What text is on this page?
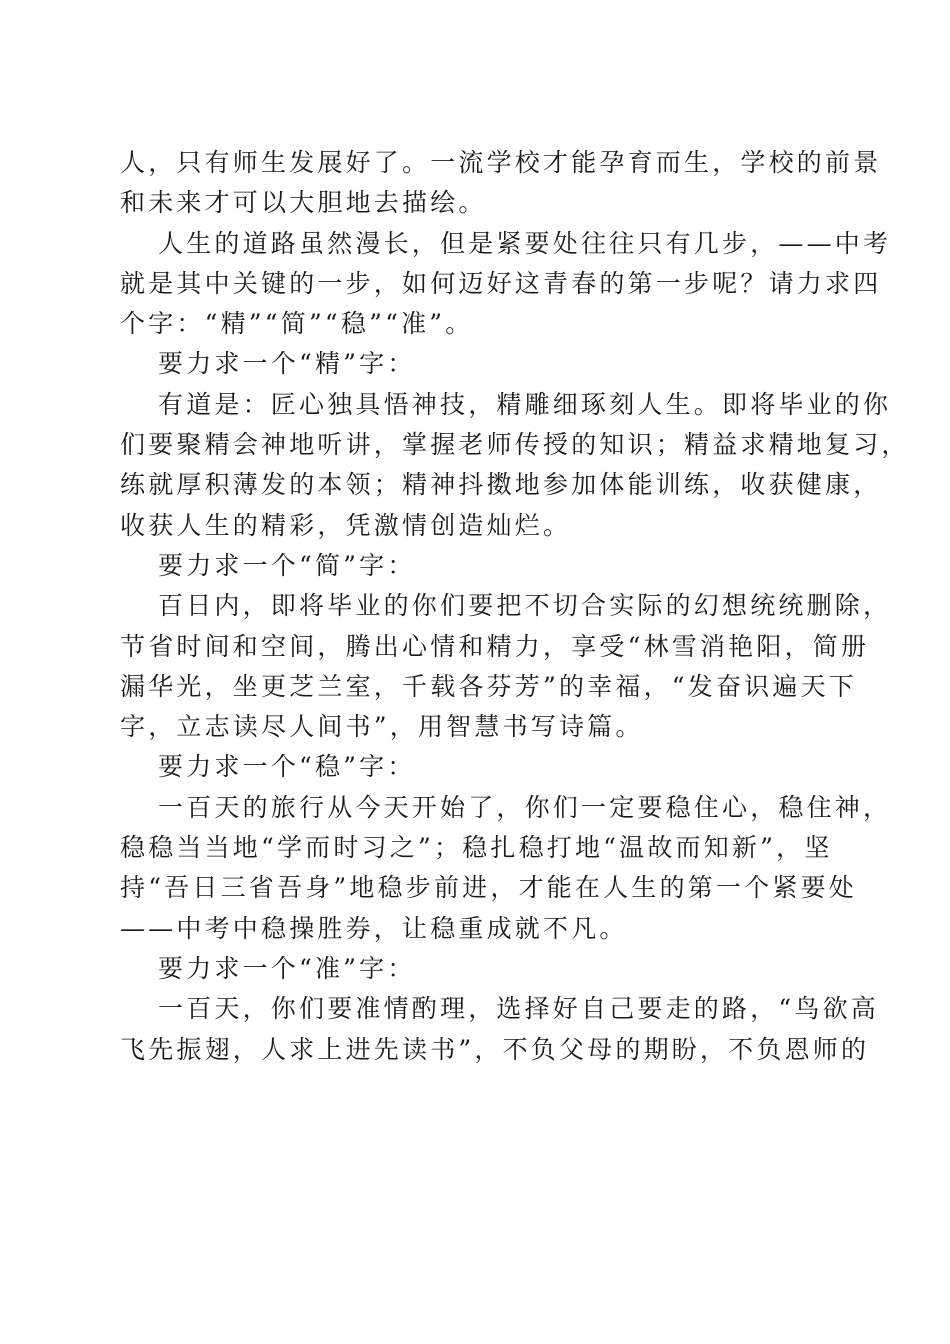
人，只有师生发展好了。一流学校才能孕育而生，学校的前景
和未来才可以大胆地去描绘。
人生的道路虽然漫长，但是紧要处往往只有几步，——中考
就是其中关键的一步，如何迈好这青春的第一步呢？请力求四
个字：“精”“简”“稳”“准”。
要力求一个“精”字：
有道是：匠心独具悟神技，精雕细琢刻人生。即将毕业的你
们要聚精会神地听讲，掌握老师传授的知识；精益求精地复习，
练就厚积薄发的本领；精神抖擞地参加体能训练，收获健康，
收获人生的精彩，凭激情创造灿烂。
要力求一个“简”字：
百日内，即将毕业的你们要把不切合实际的幻想统统删除，
节省时间和空间，腾出心情和精力，享受“林雪消艳阳，简册
漏华光，坐更芝兰室，千载各芬芳”的幸福，“发奋识遍天下
字，立志读尽人间书”，用智慧书写诗篇。
要力求一个“稳”字：
一百天的旅行从今天开始了，你们一定要稳住心，稳住神，
稳稳当当地“学而时习之”；稳扎稳打地“温故而知新”，坚
持“吾日三省吾身”地稳步前进，才能在人生的第一个紧要处
——中考中稳操胜券，让稳重成就不凡。
要力求一个“准”字：
一百天，你们要准情酌理，选择好自己要走的路，“鸟欲高
飞先振翅，人求上进先读书”，不负父母的期盼，不负恩师的
